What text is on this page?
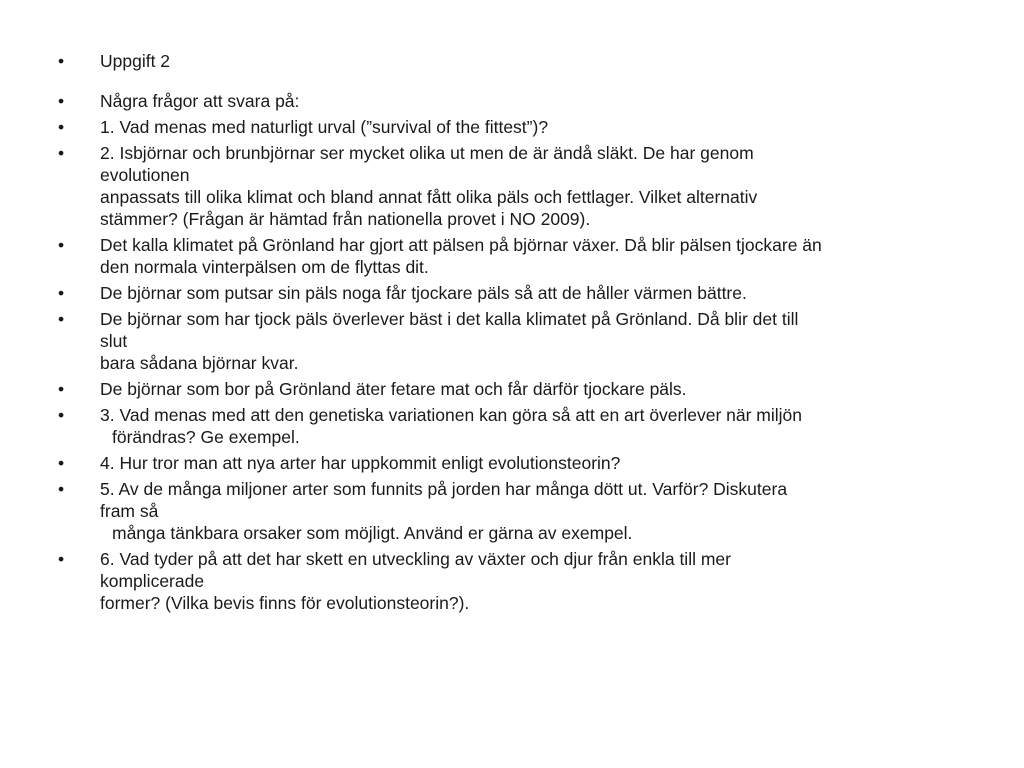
•	Uppgift 2
•	Några frågor att svara på:
•	1. Vad menas med naturligt urval (”survival of the fittest”)?
•	2. Isbjörnar och brunbjörnar ser mycket olika ut men de är ändå släkt. De har genom
evolutionen
anpassats till olika klimat och bland annat fått olika päls och fettlager. Vilket alternativ
stämmer? (Frågan är hämtad från nationella provet i NO 2009).
•	Det kalla klimatet på Grönland har gjort att pälsen på björnar växer. Då blir pälsen tjockare än
den normala vinterpälsen om de flyttas dit.
•	De björnar som putsar sin päls noga får tjockare päls så att de håller värmen bättre.
•	De björnar som har tjock päls överlever bäst i det kalla klimatet på Grönland. Då blir det till
slut
bara sådana björnar kvar.
•	De björnar som bor på Grönland äter fetare mat och får därför tjockare päls.
•	3. Vad menas med att den genetiska variationen kan göra så att en art överlever när miljön
förändras? Ge exempel.
•	4. Hur tror man att nya arter har uppkommit enligt evolutionsteorin?
•	5. Av de många miljoner arter som funnits på jorden har många dött ut. Varför? Diskutera
fram så
många tänkbara orsaker som möjligt. Använd er gärna av exempel.
•	6. Vad tyder på att det har skett en utveckling av växter och djur från enkla till mer
komplicerade
former? (Vilka bevis finns för evolutionsteorin?).
